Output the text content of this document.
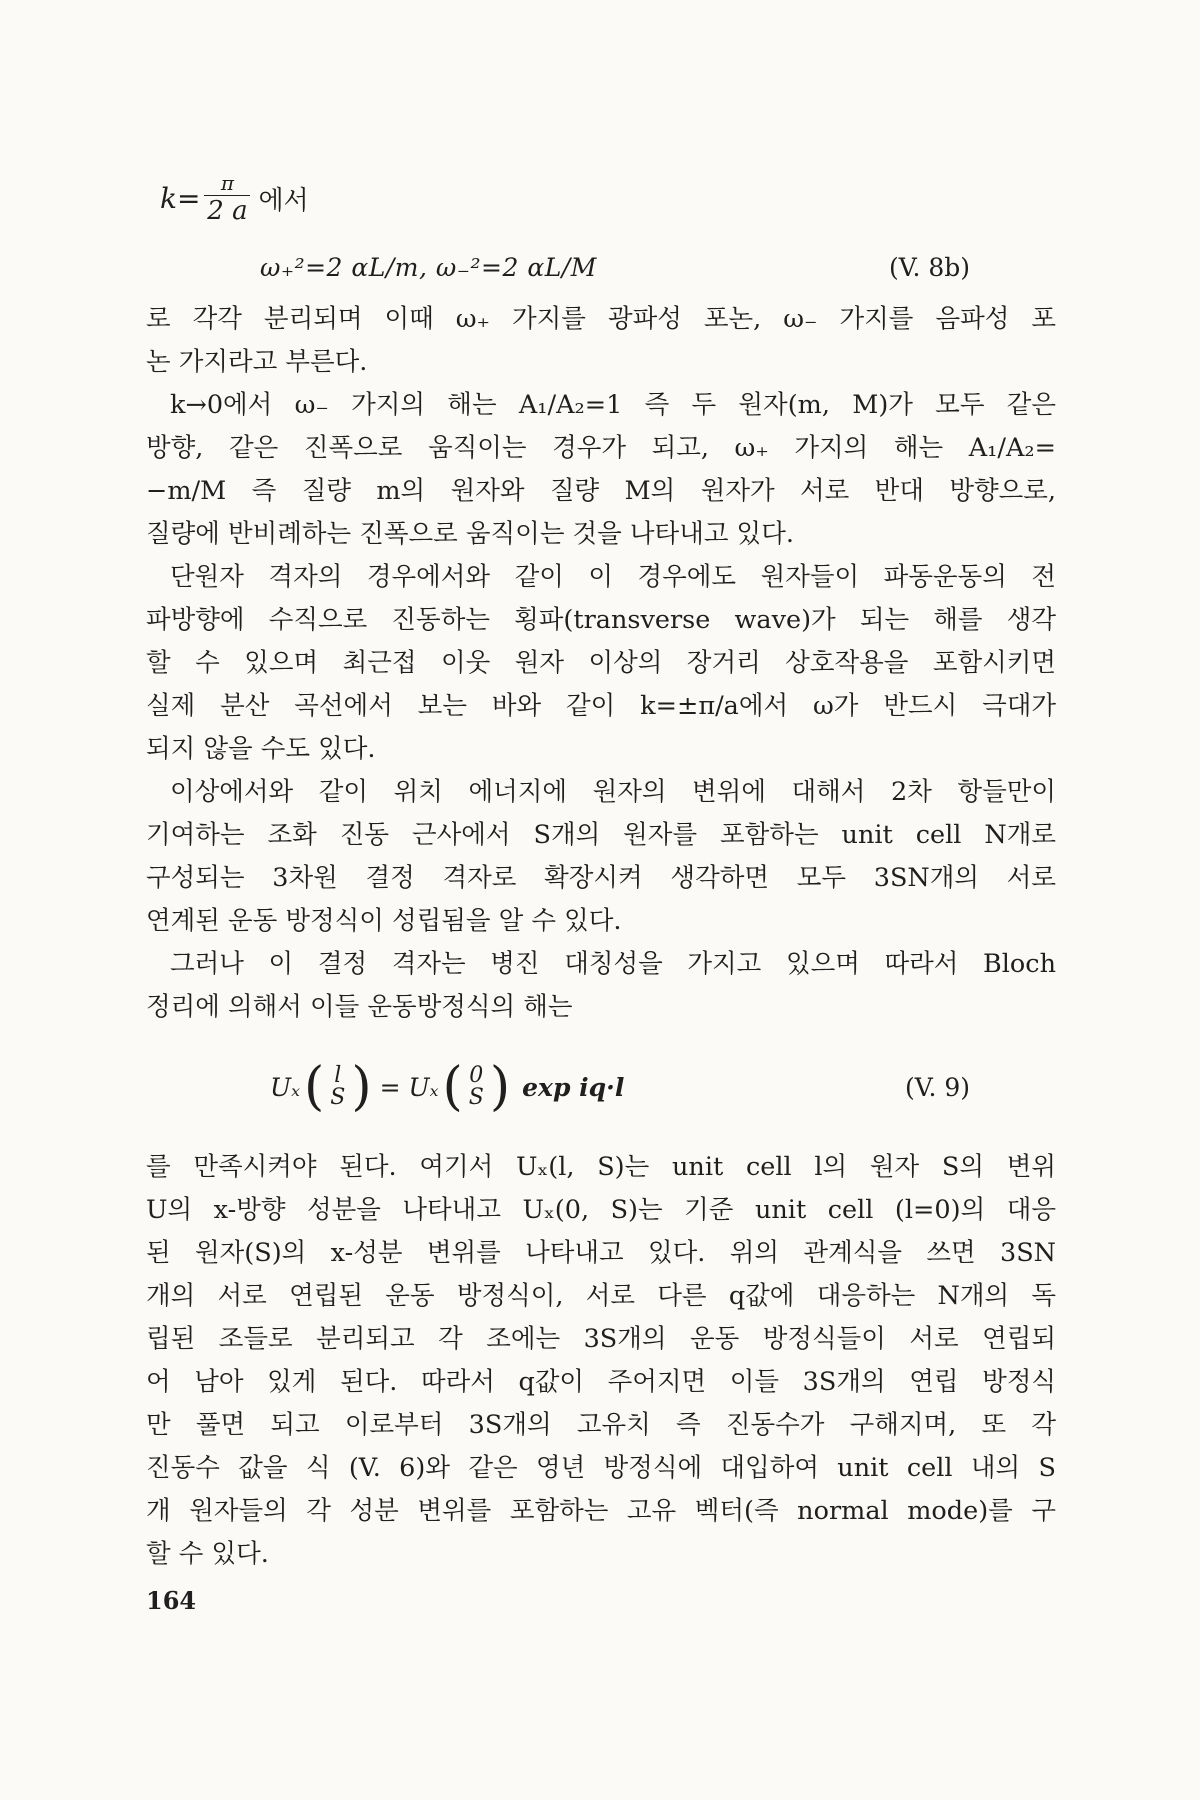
$k= \frac{\pi}{2 a}$ 에서
ω₊²=2 αL/m, ω₋²=2 αL/M	(V. 8b)
로 각각 분리되며 이때 ω₊ 가지를 광파성 포논, ω₋ 가지를 음파성 포
논 가지라고 부른다.
k→0에서 ω₋ 가지의 해는 A₁/A₂=1 즉 두 원자(m, M)가 모두 같은
방향, 같은 진폭으로 움직이는 경우가 되고, ω₊ 가지의 해는 A₁/A₂=
−m/M 즉 질량 m의 원자와 질량 M의 원자가 서로 반대 방향으로,
질량에 반비례하는 진폭으로 움직이는 것을 나타내고 있다.
단원자 격자의 경우에서와 같이 이 경우에도 원자들이 파동운동의 전
파방향에 수직으로 진동하는 횡파(transverse wave)가 되는 해를 생각
할 수 있으며 최근접 이웃 원자 이상의 장거리 상호작용을 포함시키면
실제 분산 곡선에서 보는 바와 같이 k=±π/a에서 ω가 반드시 극대가
되지 않을 수도 있다.
이상에서와 같이 위치 에너지에 원자의 변위에 대해서 2차 항들만이
기여하는 조화 진동 근사에서 S개의 원자를 포함하는 unit cell N개로
구성되는 3차원 결정 격자로 확장시켜 생각하면 모두 3SN개의 서로
연계된 운동 방정식이 성립됨을 알 수 있다.
그러나 이 결정 격자는 병진 대칭성을 가지고 있으며 따라서 Bloch
정리에 의해서 이들 운동방정식의 해는
Uₓ ( l
S ) = Uₓ ( 0
S ) exp iq·l	(V. 9)
를 만족시켜야 된다. 여기서 Uₓ(l, S)는 unit cell l의 원자 S의 변위
U의 x-방향 성분을 나타내고 Uₓ(0, S)는 기준 unit cell (l=0)의 대응
된 원자(S)의 x-성분 변위를 나타내고 있다. 위의 관계식을 쓰면 3SN
개의 서로 연립된 운동 방정식이, 서로 다른 q값에 대응하는 N개의 독
립된 조들로 분리되고 각 조에는 3S개의 운동 방정식들이 서로 연립되
어 남아 있게 된다. 따라서 q값이 주어지면 이들 3S개의 연립 방정식
만 풀면 되고 이로부터 3S개의 고유치 즉 진동수가 구해지며, 또 각
진동수 값을 식 (V. 6)와 같은 영년 방정식에 대입하여 unit cell 내의 S
개 원자들의 각 성분 변위를 포함하는 고유 벡터(즉 normal mode)를 구
할 수 있다.
164
